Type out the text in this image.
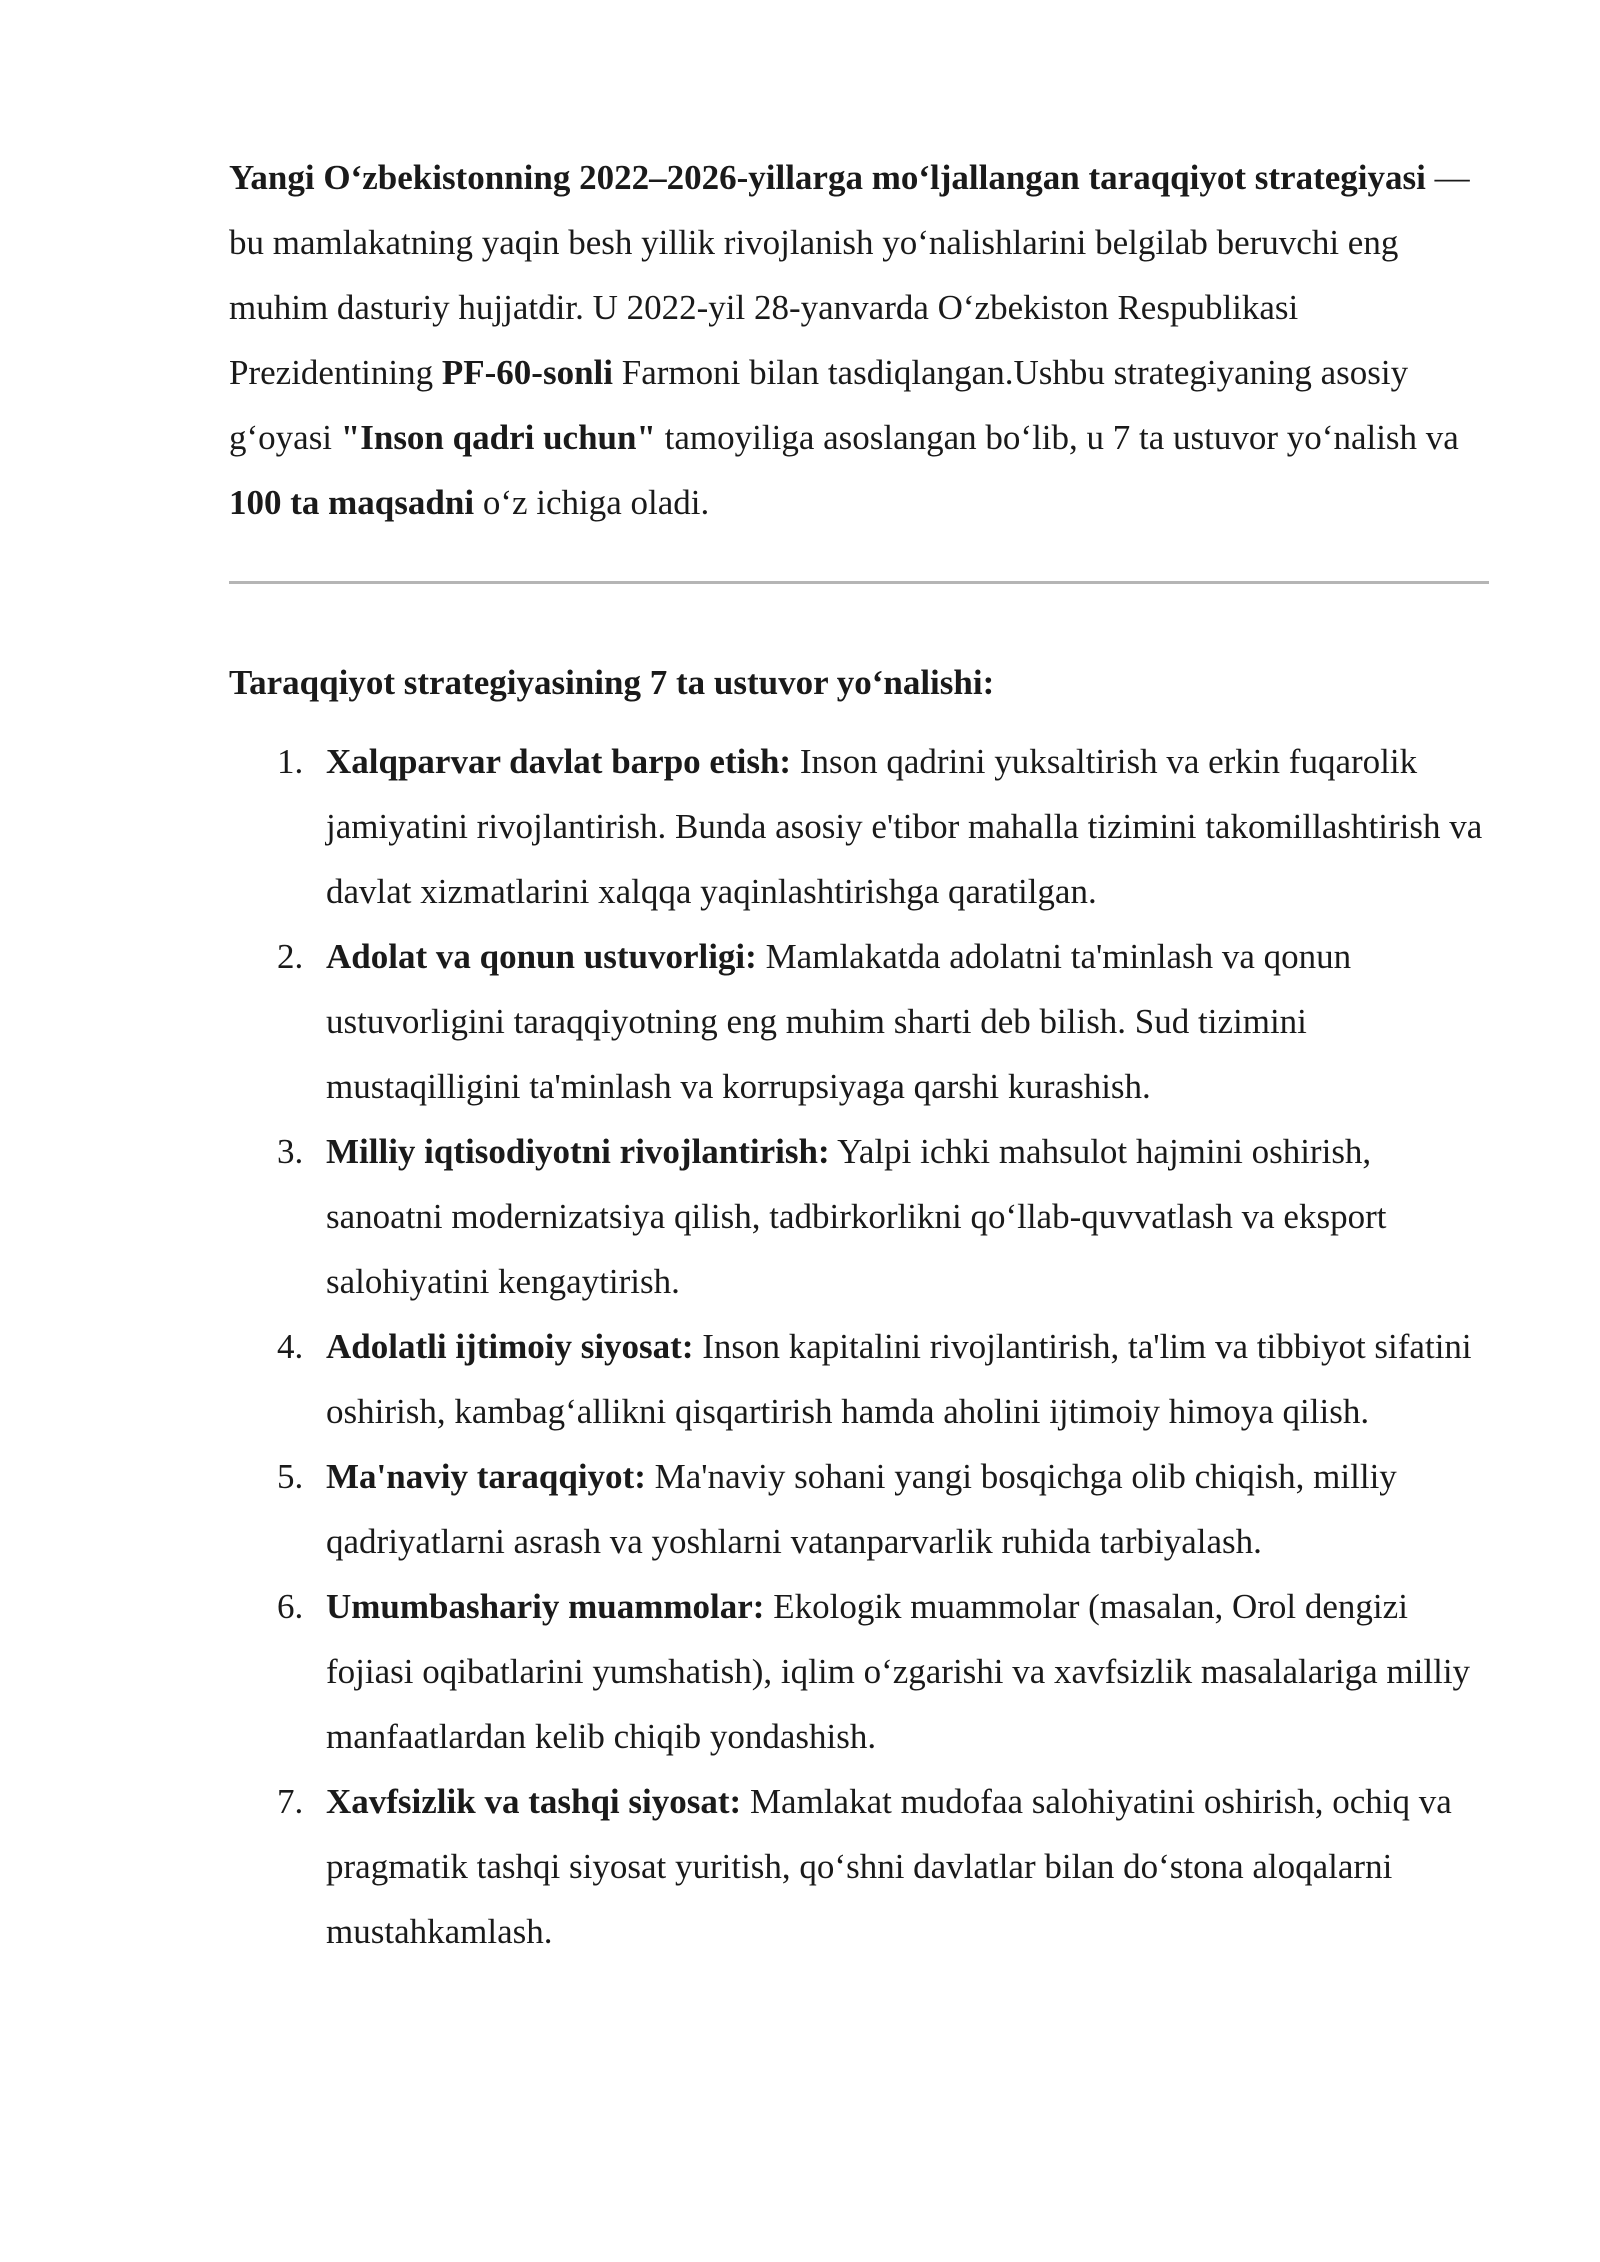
Yangi O‘zbekistonning 2022–2026-yillarga mo‘ljallangan taraqqiyot strategiyasi — bu mamlakatning yaqin besh yillik rivojlanish yo‘nalishlarini belgilab beruvchi eng muhim dasturiy hujjatdir. U 2022-yil 28-yanvarda O‘zbekiston Respublikasi Prezidentining PF-60-sonli Farmoni bilan tasdiqlangan.Ushbu strategiyaning asosiy g‘oyasi "Inson qadri uchun" tamoyiliga asoslangan bo‘lib, u 7 ta ustuvor yo‘nalish va 100 ta maqsadni o‘z ichiga oladi.

Taraqqiyot strategiyasining 7 ta ustuvor yo‘nalishi:

1. Xalqparvar davlat barpo etish: Inson qadrini yuksaltirish va erkin fuqarolik jamiyatini rivojlantirish. Bunda asosiy e'tibor mahalla tizimini takomillashtirish va davlat xizmatlarini xalqqa yaqinlashtirishga qaratilgan.
2. Adolat va qonun ustuvorligi: Mamlakatda adolatni ta'minlash va qonun ustuvorligini taraqqiyotning eng muhim sharti deb bilish. Sud tizimini mustaqilligini ta'minlash va korrupsiyaga qarshi kurashish.
3. Milliy iqtisodiyotni rivojlantirish: Yalpi ichki mahsulot hajmini oshirish, sanoatni modernizatsiya qilish, tadbirkorlikni qo‘llab-quvvatlash va eksport salohiyatini kengaytirish.
4. Adolatli ijtimoiy siyosat: Inson kapitalini rivojlantirish, ta'lim va tibbiyot sifatini oshirish, kambag‘allikni qisqartirish hamda aholini ijtimoiy himoya qilish.
5. Ma'naviy taraqqiyot: Ma'naviy sohani yangi bosqichga olib chiqish, milliy qadriyatlarni asrash va yoshlarni vatanparvarlik ruhida tarbiyalash.
6. Umumbashariy muammolar: Ekologik muammolar (masalan, Orol dengizi fojiasi oqibatlarini yumshatish), iqlim o‘zgarishi va xavfsizlik masalalariga milliy manfaatlardan kelib chiqib yondashish.
7. Xavfsizlik va tashqi siyosat: Mamlakat mudofaa salohiyatini oshirish, ochiq va pragmatik tashqi siyosat yuritish, qo‘shni davlatlar bilan do‘stona aloqalarni mustahkamlash.
